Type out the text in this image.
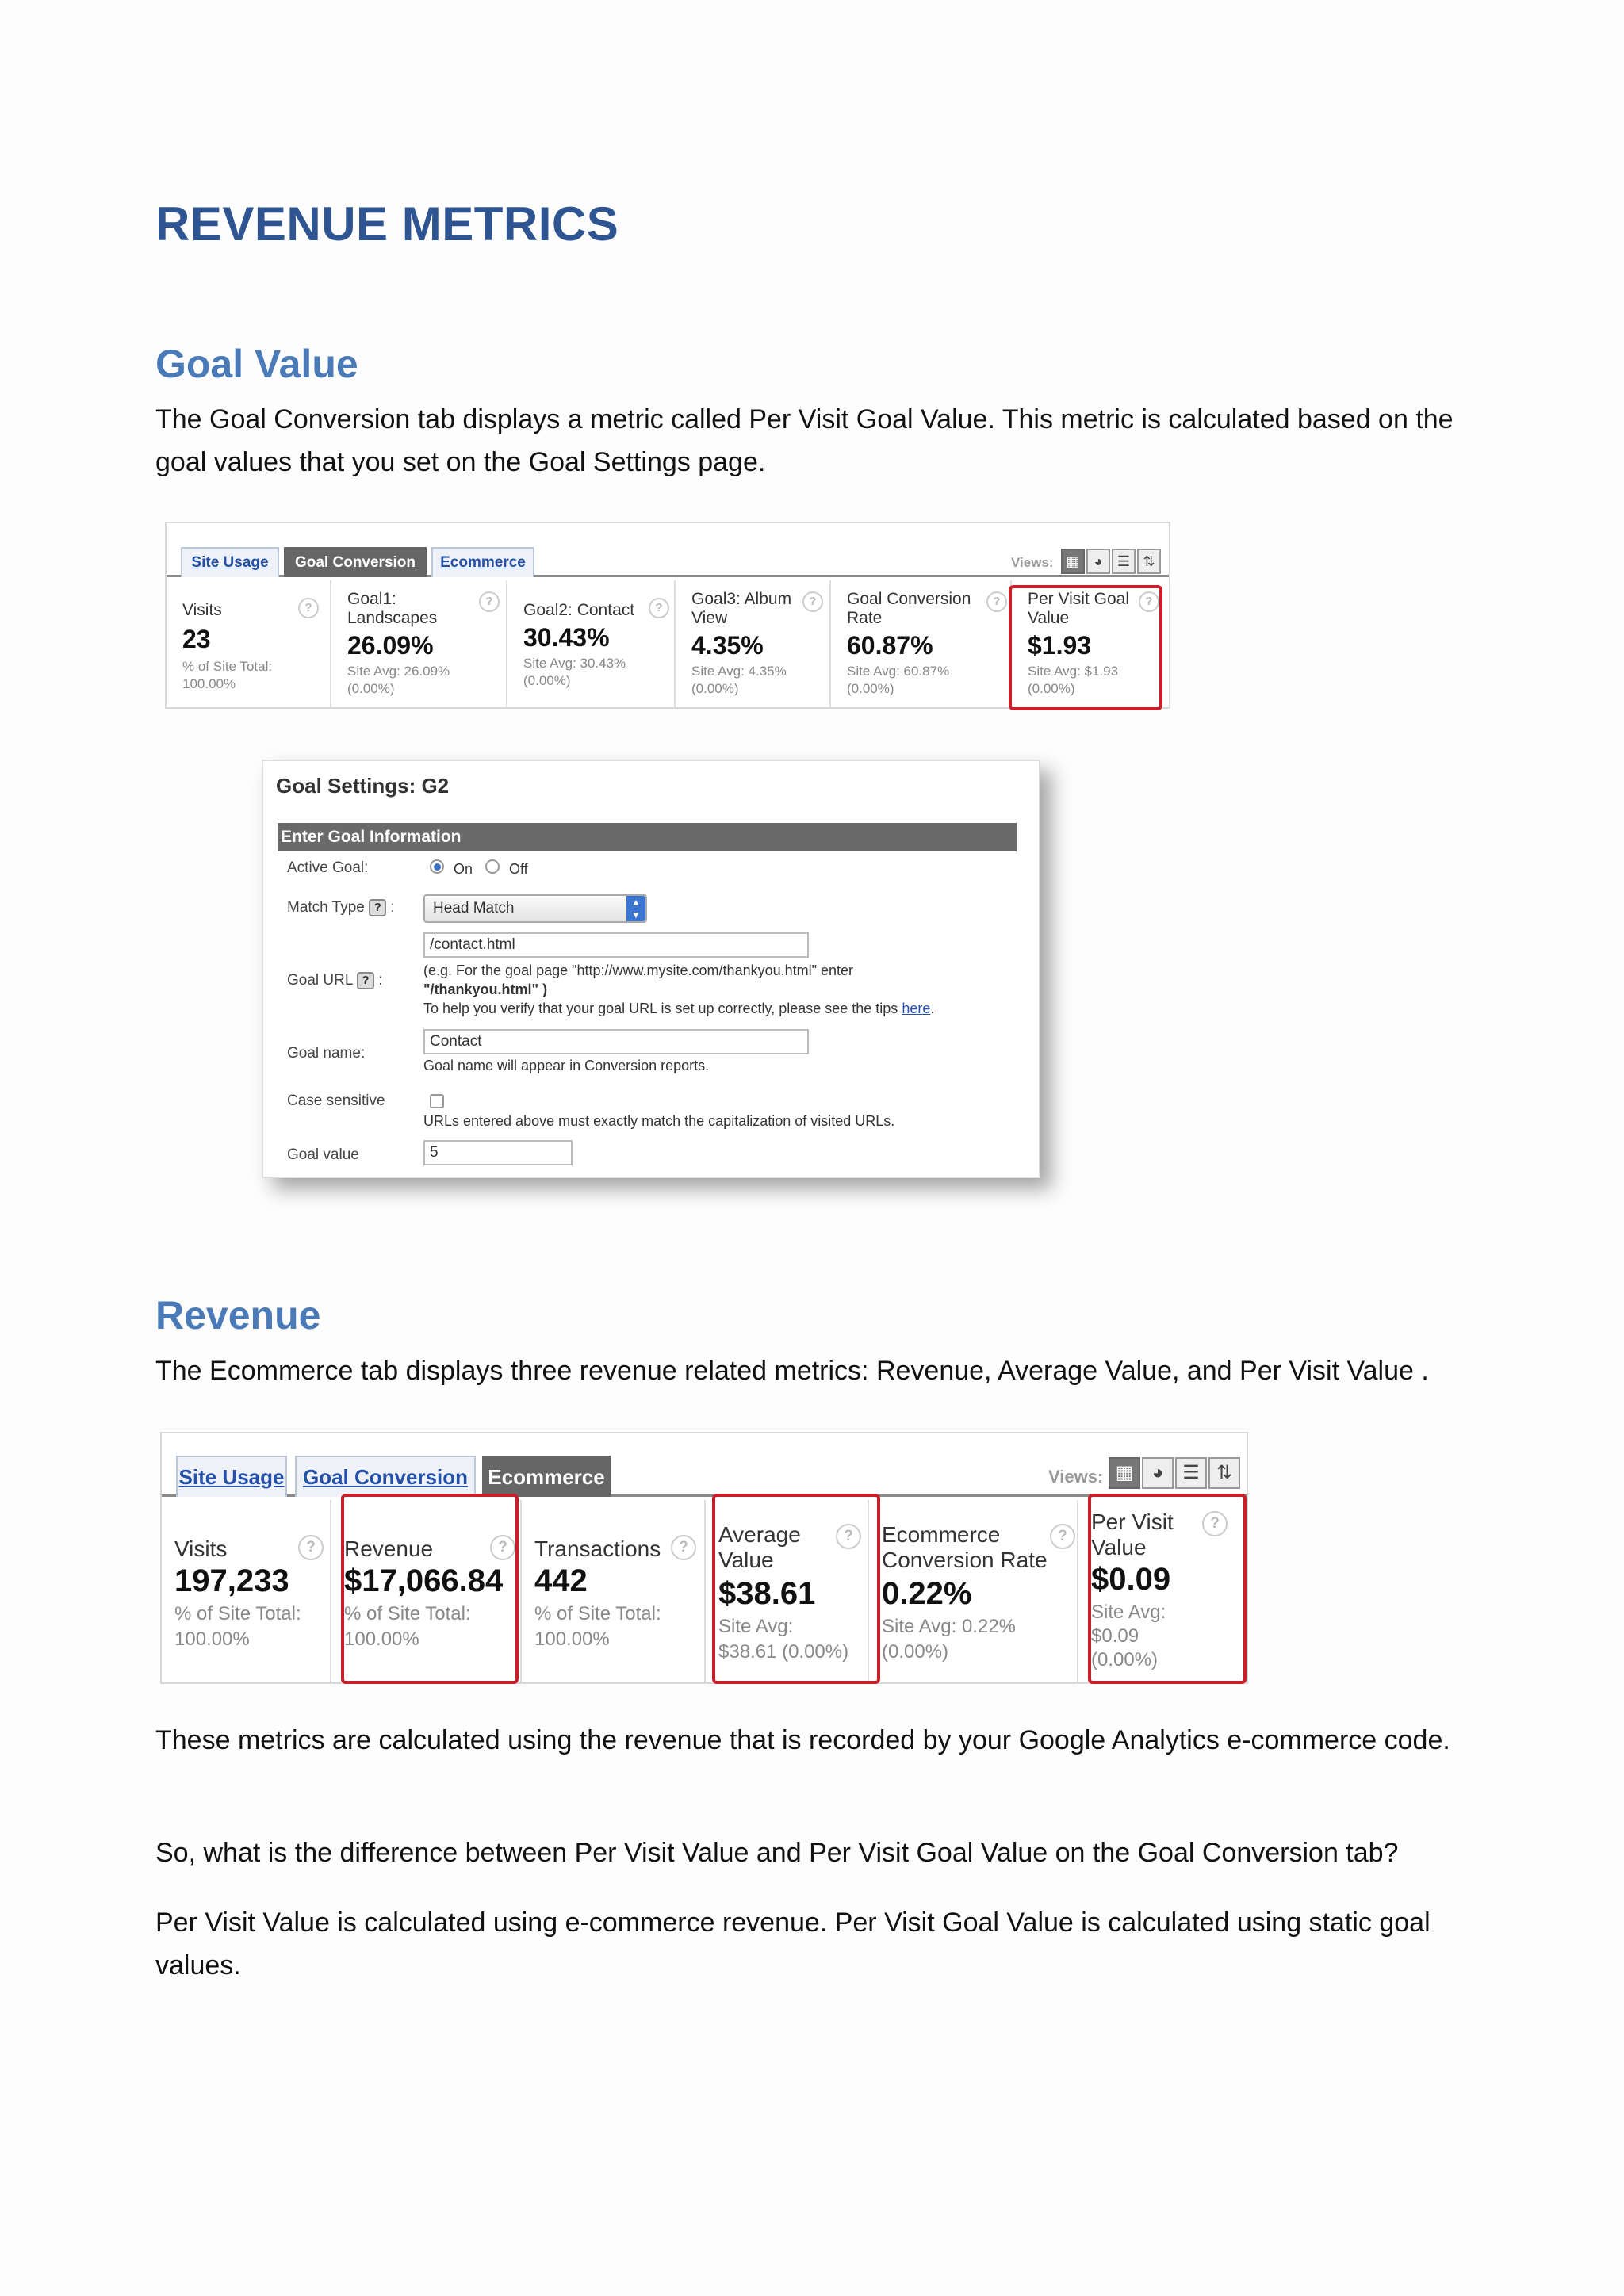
REVENUE METRICS
Goal Value
The Goal Conversion tab displays a metric called Per Visit Goal Value. This metric is calculated based on the goal values that you set on the Goal Settings page.
Site Usage	Goal Conversion	Ecommerce	Views: ▦	◕	☰ ⇅
Visits	?
23
% of Site Total:
100.00%
Goal1: Landscapes
?
26.09%
Site Avg: 26.09%
(0.00%)
Goal2: Contact	?
30.43%
Site Avg: 30.43%
(0.00%)
Goal3: Album View
?
4.35%
Site Avg: 4.35%
(0.00%)
Goal Conversion Rate
?
60.87%
Site Avg: 60.87%
(0.00%)
Per Visit Goal Value
?
$1.93
Site Avg: $1.93
(0.00%)
Goal Settings: G2
Enter Goal Information
Active Goal:	On	Off
Match Type ? :	Head Match	▲
▼
/contact.html
Goal URL ? :
(e.g. For the goal page "http://www.mysite.com/thankyou.html" enter
"/thankyou.html" )
To help you verify that your goal URL is set up correctly, please see the tips here.
Contact
Goal name:
Goal name will appear in Conversion reports.
Case sensitive
URLs entered above must exactly match the capitalization of visited URLs.
Goal value	5
Revenue
The Ecommerce tab displays three revenue related metrics: Revenue, Average Value, and Per Visit Value .
Site Usage Goal Conversion Ecommerce	Views: ▦ ◕ ☰ ⇅
Visits	?
197,233
% of Site Total:
100.00%
Revenue	?
$17,066.84
% of Site Total:
100.00%
Transactions	?
442
% of Site Total:
100.00%
Average Value
?
$38.61
Site Avg:
$38.61 (0.00%)
Ecommerce Conversion Rate
?
0.22%
Site Avg: 0.22%
(0.00%)
Per Visit Value
?
$0.09
Site Avg:
$0.09
(0.00%)
These metrics are calculated using the revenue that is recorded by your Google Analytics e-commerce code.
So, what is the difference between Per Visit Value and Per Visit Goal Value on the Goal Conversion tab?
Per Visit Value is calculated using e-commerce revenue. Per Visit Goal Value is calculated using static goal values.
